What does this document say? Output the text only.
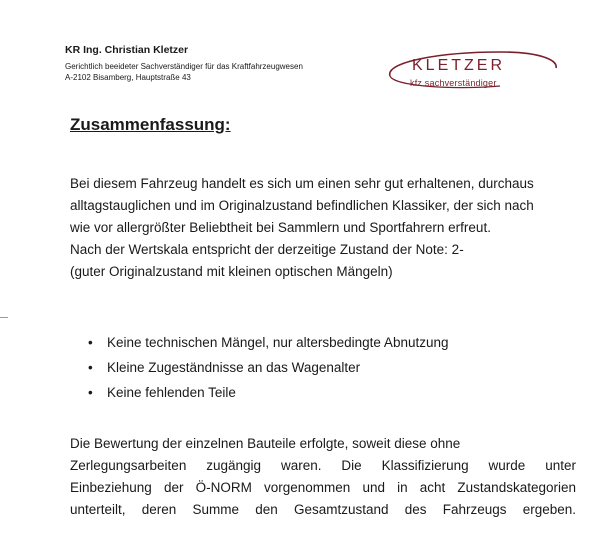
KR Ing. Christian Kletzer
Gerichtlich beeideter Sachverständiger für das Kraftfahrzeugwesen
A-2102 Bisamberg, Hauptstraße 43
KLETZER
kfz sachverständiger
Zusammenfassung:

Bei diesem Fahrzeug handelt es sich um einen sehr gut erhaltenen, durchaus
alltagstauglichen und im Originalzustand befindlichen Klassiker, der sich nach
wie vor allergrößter Beliebtheit bei Sammlern und Sportfahrern erfreut.
Nach der Wertskala entspricht der derzeitige Zustand der Note: 2-
(guter Originalzustand mit kleinen optischen Mängeln)

• Keine technischen Mängel, nur altersbedingte Abnutzung
• Kleine Zugeständnisse an das Wagenalter
• Keine fehlenden Teile

Die Bewertung der einzelnen Bauteile erfolgte, soweit diese ohne
Zerlegungsarbeiten zugängig waren. Die Klassifizierung wurde unter
Einbeziehung der Ö-NORM vorgenommen und in acht Zustandskategorien
unterteilt, deren Summe den Gesamtzustand des Fahrzeugs ergeben.
